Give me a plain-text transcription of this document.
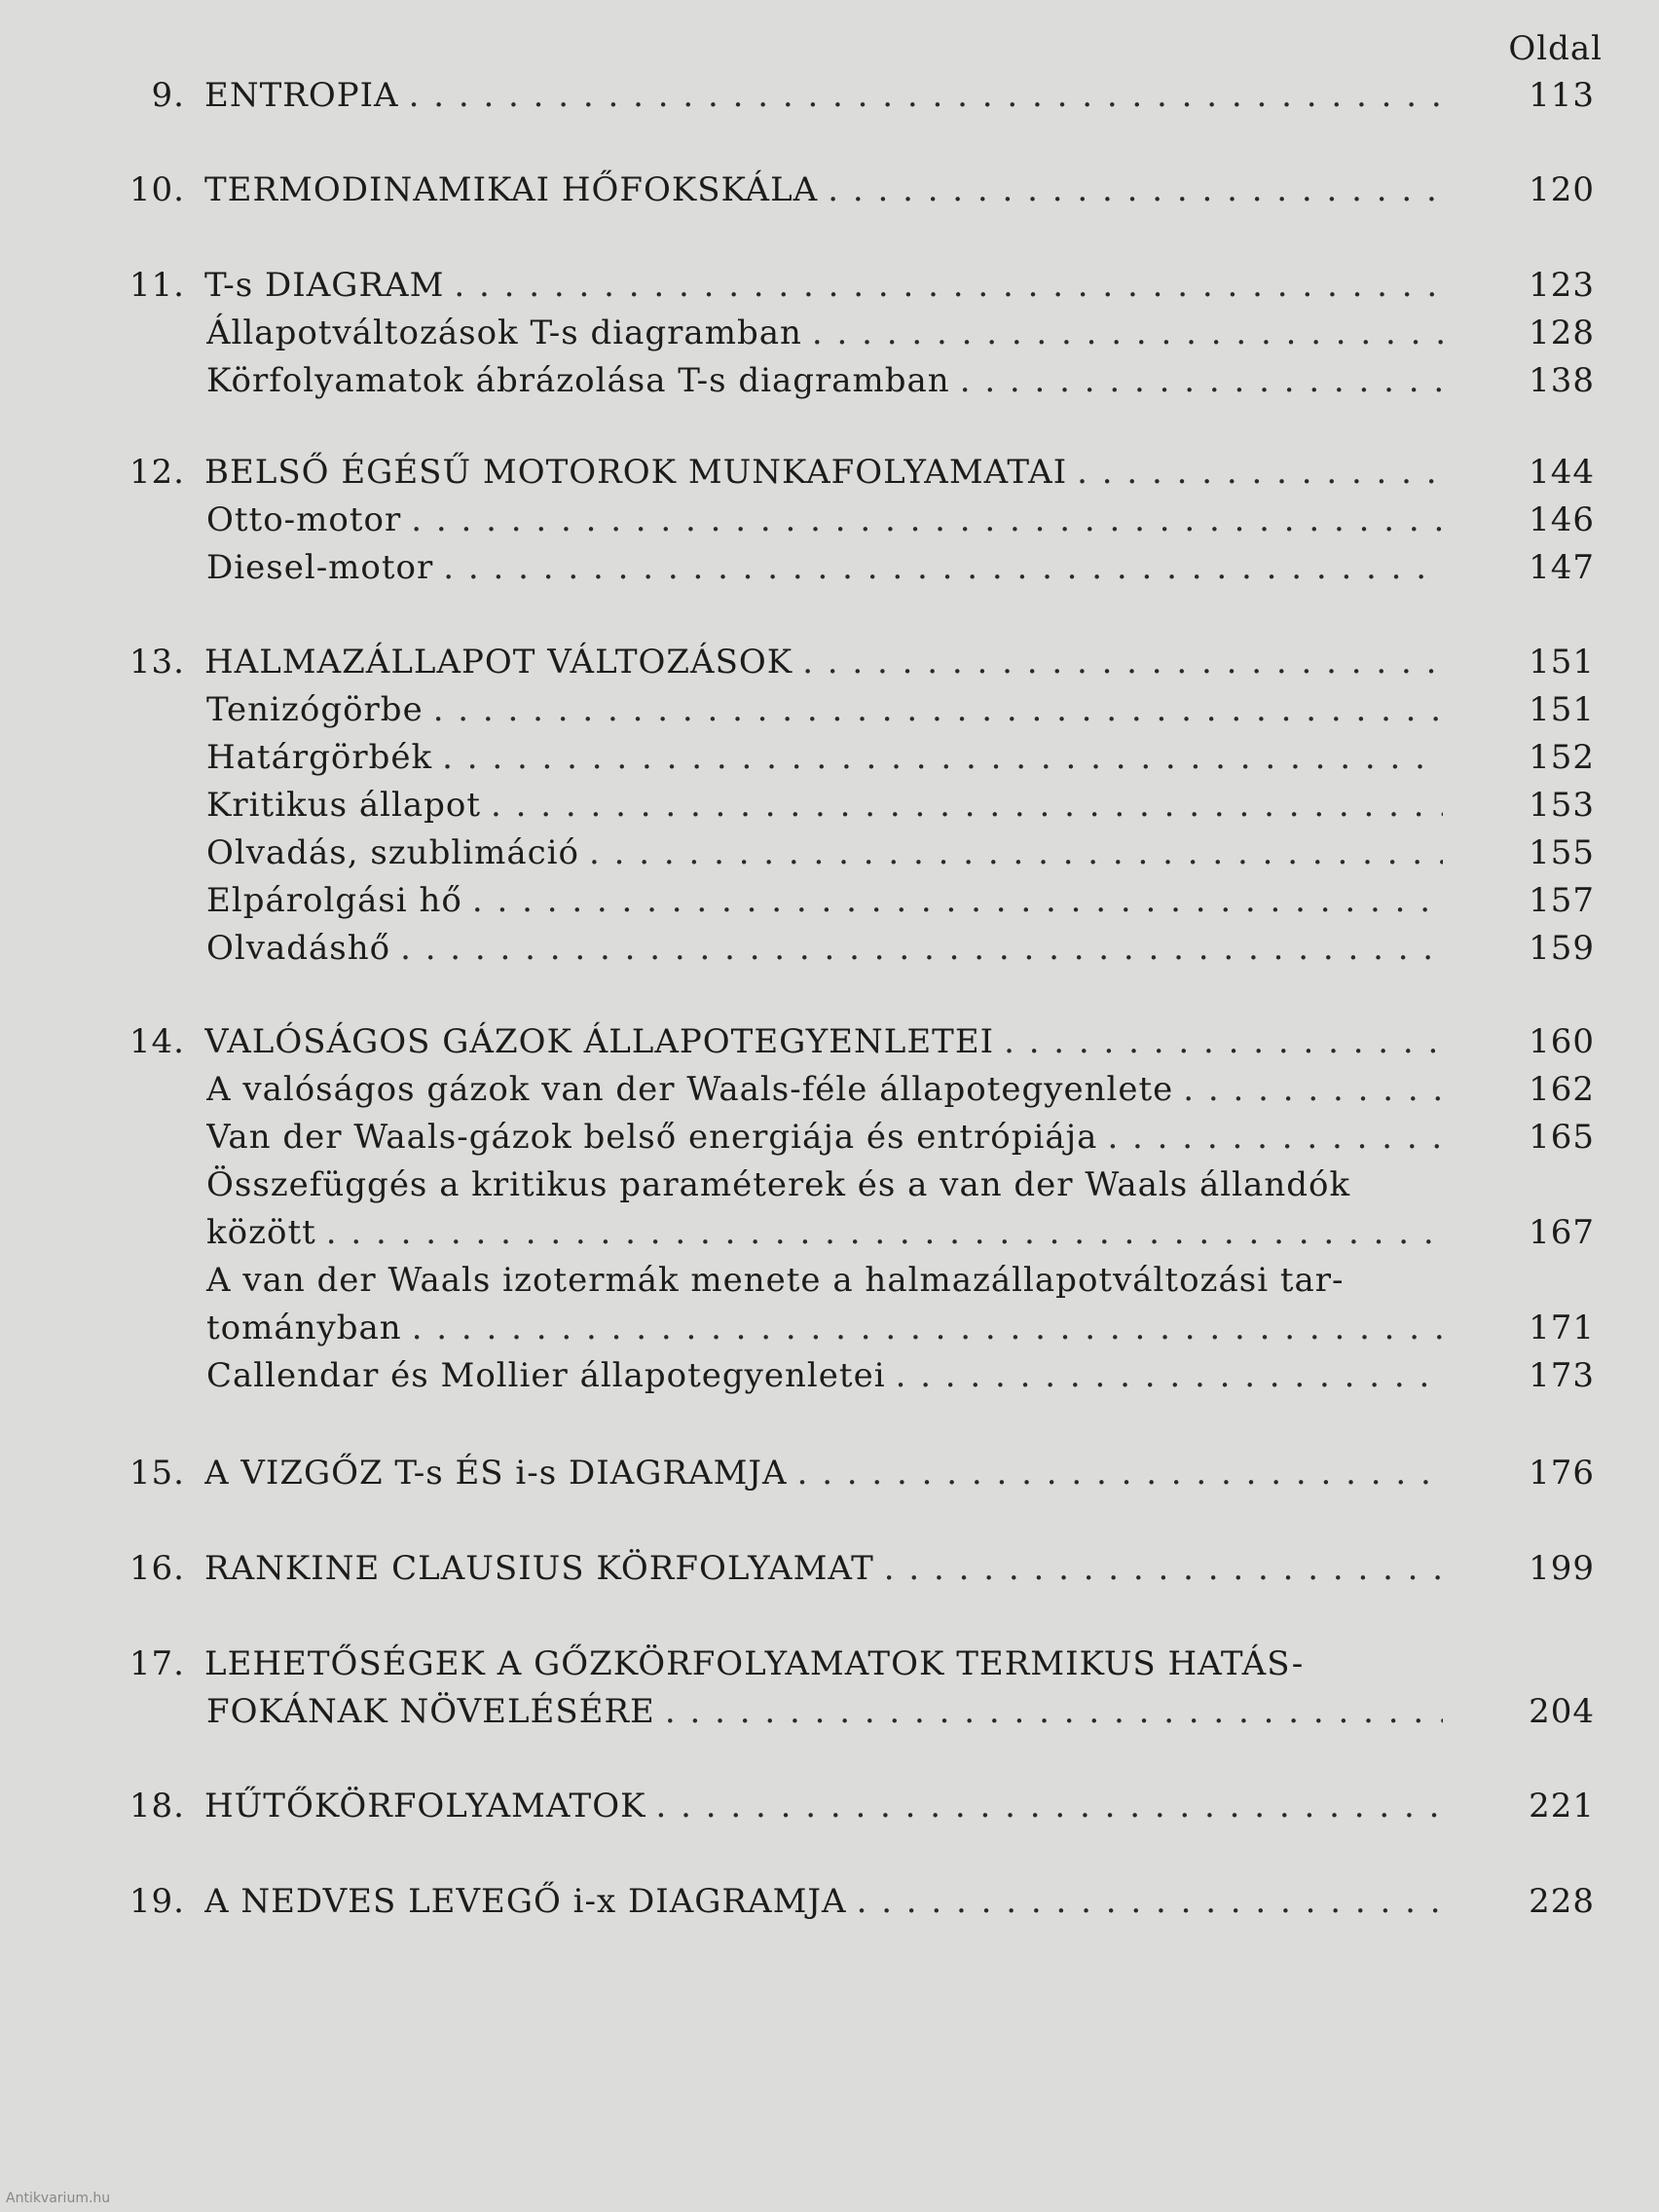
Oldal
9. ENTROPIA . . .	113
10. TERMODINAMIKAI HŐFOKSKÁLA . . .	120
11. T-s DIAGRAM . . .	123
Állapotváltozások T-s diagramban . . .	128
Körfolyamatok ábrázolása T-s diagramban . . .	138
12. BELSŐ ÉGÉSŰ MOTOROK MUNKAFOLYAMATAI . . .	144
Otto-motor . . .	146
Diesel-motor . . .	147
13. HALMAZÁLLAPOT VÁLTOZÁSOK . . .	151
Tenizógörbe . . .	151
Határgörbék . . .	152
Kritikus állapot . . .	153
Olvadás, szublimáció . . .	155
Elpárolgási hő . . .	157
Olvadáshő . . .	159
14. VALÓSÁGOS GÁZOK ÁLLAPOTEGYENLETEI . . .	160
A valóságos gázok van der Waals-féle állapotegyenlete . . .	162
Van der Waals-gázok belső energiája és entrópiája . . .	165
Összefüggés a kritikus paraméterek és a van der Waals állandók
között . . .	167
A van der Waals izotermák menete a halmazállapotváltozási tar-
tományban . . .	171
Callendar és Mollier állapotegyenletei . . .	173
15. A VIZGŐZ T-s ÉS i-s DIAGRAMJA . . .	176
16. RANKINE CLAUSIUS KÖRFOLYAMAT . . .	199
17. LEHETŐSÉGEK A GŐZKÖRFOLYAMATOK TERMIKUS HATÁS-
FOKÁNAK NÖVELÉSÉRE . . .	204
18. HŰTŐKÖRFOLYAMATOK . . .	221
19. A NEDVES LEVEGŐ i-x DIAGRAMJA . . .	228
Antikvarium.hu
